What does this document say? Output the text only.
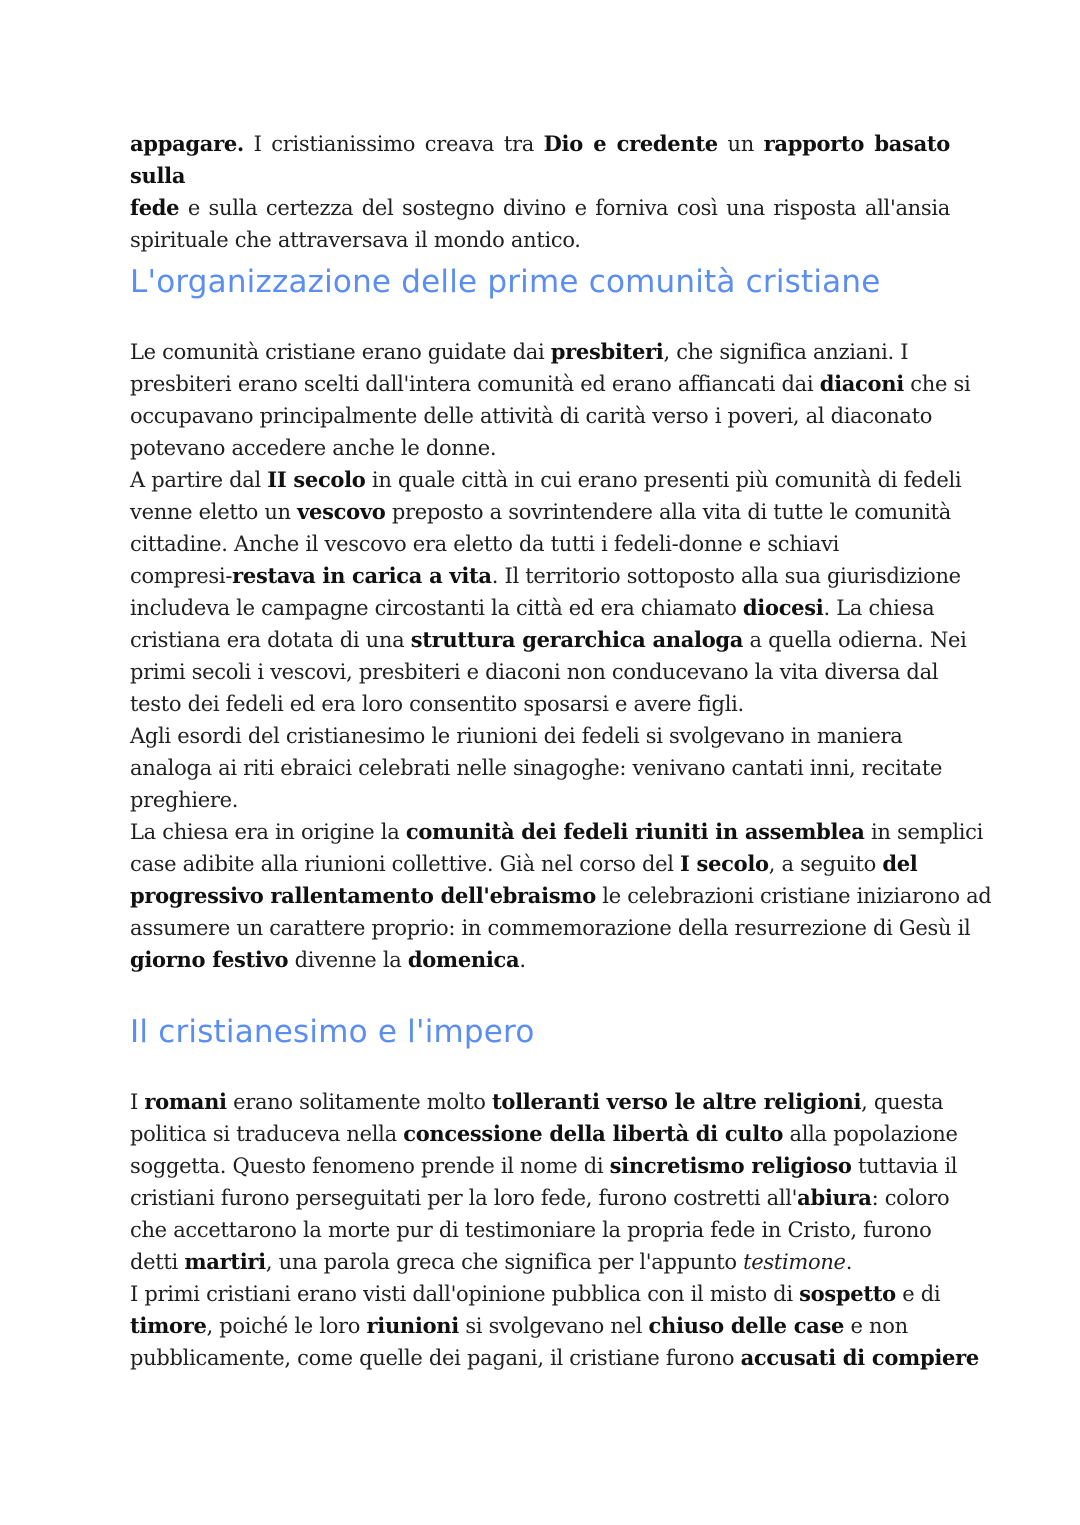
appagare. I cristianissimo creava tra Dio e credente un rapporto basato sulla
fede e sulla certezza del sostegno divino e forniva così una risposta all'ansia
spirituale che attraversava il mondo antico.

L'organizzazione delle prime comunità cristiane

Le comunità cristiane erano guidate dai presbiteri, che significa anziani. I
presbiteri erano scelti dall'intera comunità ed erano affiancati dai diaconi che si
occupavano principalmente delle attività di carità verso i poveri, al diaconato
potevano accedere anche le donne.
A partire dal II secolo in quale città in cui erano presenti più comunità di fedeli
venne eletto un vescovo preposto a sovrintendere alla vita di tutte le comunità
cittadine. Anche il vescovo era eletto da tutti i fedeli-donne e schiavi
compresi-restava in carica a vita. Il territorio sottoposto alla sua giurisdizione
includeva le campagne circostanti la città ed era chiamato diocesi. La chiesa
cristiana era dotata di una struttura gerarchica analoga a quella odierna. Nei
primi secoli i vescovi, presbiteri e diaconi non conducevano la vita diversa dal
testo dei fedeli ed era loro consentito sposarsi e avere figli.
Agli esordi del cristianesimo le riunioni dei fedeli si svolgevano in maniera
analoga ai riti ebraici celebrati nelle sinagoghe: venivano cantati inni, recitate
preghiere.
La chiesa era in origine la comunità dei fedeli riuniti in assemblea in semplici
case adibite alla riunioni collettive. Già nel corso del I secolo, a seguito del
progressivo rallentamento dell'ebraismo le celebrazioni cristiane iniziarono ad
assumere un carattere proprio: in commemorazione della resurrezione di Gesù il
giorno festivo divenne la domenica.

Il cristianesimo e l'impero

I romani erano solitamente molto tolleranti verso le altre religioni, questa
politica si traduceva nella concessione della libertà di culto alla popolazione
soggetta. Questo fenomeno prende il nome di sincretismo religioso tuttavia il
cristiani furono perseguitati per la loro fede, furono costretti all'abiura: coloro
che accettarono la morte pur di testimoniare la propria fede in Cristo, furono
detti martiri, una parola greca che significa per l'appunto testimone.
I primi cristiani erano visti dall'opinione pubblica con il misto di sospetto e di
timore, poiché le loro riunioni si svolgevano nel chiuso delle case e non
pubblicamente, come quelle dei pagani, il cristiane furono accusati di compiere
